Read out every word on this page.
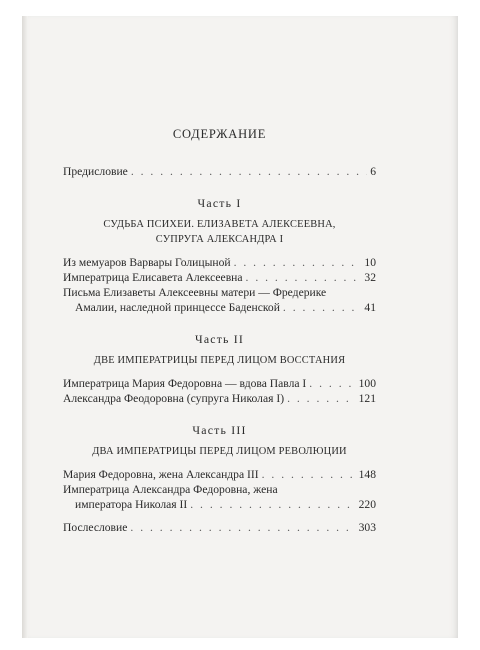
СОДЕРЖАНИЕ
Предисловие . . .	6
Часть I
СУДЬБА ПСИХЕИ. ЕЛИЗАВЕТА АЛЕКСЕЕВНА,
СУПРУГА АЛЕКСАНДРА I
Из мемуаров Варвары Голицыной . . .	10
Императрица Елисавета Алексеевна . . .	32
Письма Елизаветы Алексеевны матери — Фредерике
Амалии, наследной принцессе Баденской . . .	41
Часть II
ДВЕ ИМПЕРАТРИЦЫ ПЕРЕД ЛИЦОМ ВОССТАНИЯ
Императрица Мария Федоровна — вдова Павла I . . .	100
Александра Феодоровна (супруга Николая I) . . .	121
Часть III
ДВА ИМПЕРАТРИЦЫ ПЕРЕД ЛИЦОМ РЕВОЛЮЦИИ
Мария Федоровна, жена Александра III . . .	148
Императрица Александра Федоровна, жена
императора Николая II . . .	220
Послесловие . . .	303
